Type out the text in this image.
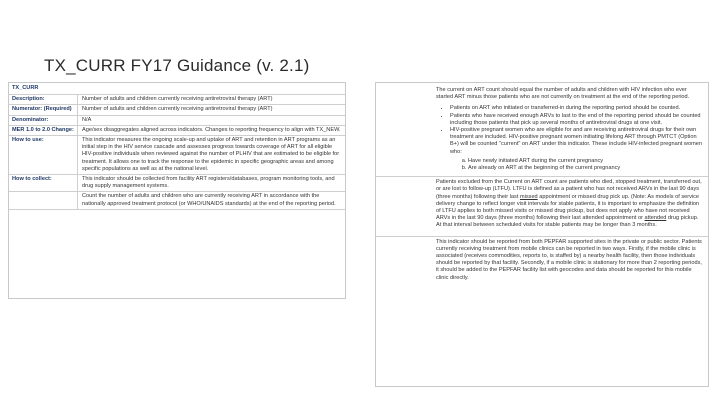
TX_CURR FY17 Guidance (v. 2.1)
TX_CURR
Description:	Number of adults and children currently receiving antiretroviral therapy (ART)
Numerator: (Required)	Number of adults and children currently receiving antiretroviral therapy (ART)
Denominator:	N/A
MER 1.0 to 2.0 Change:	Age/sex disaggregates aligned across indicators. Changes to reporting frequency to align with TX_NEW.
How to use:	This indicator measures the ongoing scale-up and uptake of ART and retention in ART programs as an initial step in the HIV service cascade and assesses progress towards coverage of ART for all eligible HIV-positive individuals when reviewed against the number of PLHIV that are estimated to be eligible for treatment. It allows one to track the response to the epidemic in specific geographic areas and among specific populations as well as at the national level.
How to collect:	This indicator should be collected from facility ART registers/databases, program monitoring tools, and drug supply management systems.
Count the number of adults and children who are currently receiving ART in accordance with the nationally approved treatment protocol (or WHO/UNAIDS standards) at the end of the reporting period.
The current on ART count should equal the number of adults and children with HIV infection who ever started ART minus those patients who are not currently on treatment at the end of the reporting period.
• Patients on ART who initiated or transferred-in during the reporting period should be counted.
• Patients who have received enough ARVs to last to the end of the reporting period should be counted including those patients that pick up several months of antiretroviral drugs at one visit.
• HIV-positive pregnant women who are eligible for and are receiving antiretroviral drugs for their own treatment are included. HIV-positive pregnant women initiating lifelong ART through PMTCT (Option B+) will be counted "current" on ART under this indicator. These include HIV-infected pregnant women who:
a. Have newly initiated ART during the current pregnancy
b. Are already on ART at the beginning of the current pregnancy
Patients excluded from the Current on ART count are patients who died, stopped treatment, transferred out, or are lost to follow-up (LTFU). LTFU is defined as a patient who has not received ARVs in the last 90 days (three months) following their last missed appointment or missed drug pick up. (Note: As models of service delivery change to reflect longer visit intervals for stable patients, it is important to emphasize the definition of LTFU applies to both missed visits or missed drug pickup, but does not apply who have not received ARVs in the last 90 days (three months) following their last attended appointment or attended drug pickup. At that interval between scheduled visits for stable patients may be longer than 3 months.
This indicator should be reported from both PEPFAR supported sites in the private or public sector. Patients currently receiving treatment from mobile clinics can be reported in two ways. Firstly, if the mobile clinic is associated (receives commodities, reports to, is staffed by) a nearby health facility, then those individuals should be reported by that facility. Secondly, if a mobile clinic is stationary for more than 2 reporting periods, it should be added to the PEPFAR facility list with geocodes and data should be reported for this mobile clinic directly.
